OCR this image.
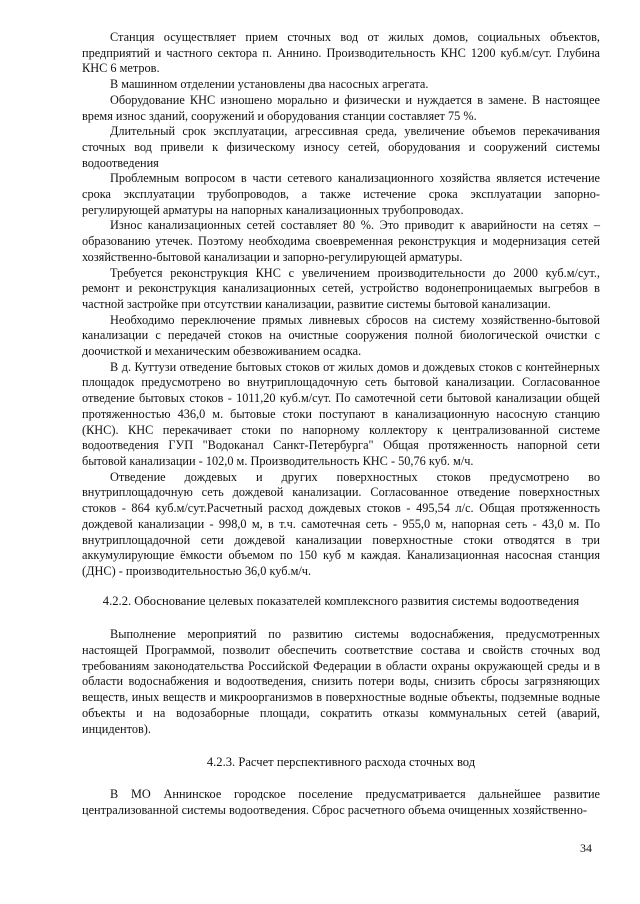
Станция осуществляет прием сточных вод от жилых домов, социальных объектов, предприятий и частного сектора п. Аннино. Производительность КНС 1200 куб.м/сут. Глубина КНС 6 метров.

В машинном отделении установлены два насосных агрегата.

Оборудование КНС изношено морально и физически и нуждается в замене. В настоящее время износ зданий, сооружений и оборудования станции составляет 75 %.

Длительный срок эксплуатации, агрессивная среда, увеличение объемов перекачивания сточных вод привели к физическому износу сетей, оборудования и сооружений системы водоотведения

Проблемным вопросом в части сетевого канализационного хозяйства является истечение срока эксплуатации трубопроводов, а также истечение срока эксплуатации запорно-регулирующей арматуры на напорных канализационных трубопроводах.

Износ канализационных сетей составляет 80 %. Это приводит к аварийности на сетях – образованию утечек. Поэтому необходима своевременная реконструкция и модернизация сетей хозяйственно-бытовой канализации и запорно-регулирующей арматуры.

Требуется реконструкция КНС с увеличением производительности до 2000 куб.м/сут., ремонт и реконструкция канализационных сетей, устройство водонепроницаемых выгребов в частной застройке при отсутствии канализации, развитие системы бытовой канализации.

Необходимо переключение прямых ливневых сбросов на систему хозяйственно-бытовой канализации с передачей стоков на очистные сооружения полной биологической очистки с доочисткой и механическим обезвоживанием осадка.

В д. Куттузи отведение бытовых стоков от жилых домов и дождевых стоков с контейнерных площадок предусмотрено во внутриплощадочную сеть бытовой канализации. Согласованное отведение бытовых стоков - 1011,20 куб.м/сут. По самотечной сети бытовой канализации общей протяженностью 436,0 м. бытовые стоки поступают в канализационную насосную станцию (КНС). КНС перекачивает стоки по напорному коллектору к централизованной системе водоотведения ГУП "Водоканал Санкт-Петербурга" Общая протяженность напорной сети бытовой канализации - 102,0 м. Производительность КНС - 50,76 куб. м/ч.

Отведение дождевых и других поверхностных стоков предусмотрено во внутриплощадочную сеть дождевой канализации. Согласованное отведение поверхностных стоков - 864 куб.м/сут.Расчетный расход дождевых стоков - 495,54 л/с. Общая протяженность дождевой канализации - 998,0 м, в т.ч. самотечная сеть - 955,0 м, напорная сеть - 43,0 м. По внутриплощадочной сети дождевой канализации поверхностные стоки отводятся в три аккумулирующие ёмкости объемом по 150 куб м каждая. Канализационная насосная станция (ДНС) - производительностью 36,0 куб.м/ч.

4.2.2. Обоснование целевых показателей комплексного развития системы водоотведения

Выполнение мероприятий по развитию системы водоснабжения, предусмотренных настоящей Программой, позволит обеспечить соответствие состава и свойств сточных вод требованиям законодательства Российской Федерации в области охраны окружающей среды и в области водоснабжения и водоотведения, снизить потери воды, снизить сбросы загрязняющих веществ, иных веществ и микроорганизмов в поверхностные водные объекты, подземные водные объекты и на водозаборные площади, сократить отказы коммунальных сетей (аварий, инцидентов).

4.2.3. Расчет перспективного расхода сточных вод

В МО Аннинское городское поселение предусматривается дальнейшее развитие централизованной системы водоотведения. Сброс расчетного объема очищенных хозяйственно-

34
